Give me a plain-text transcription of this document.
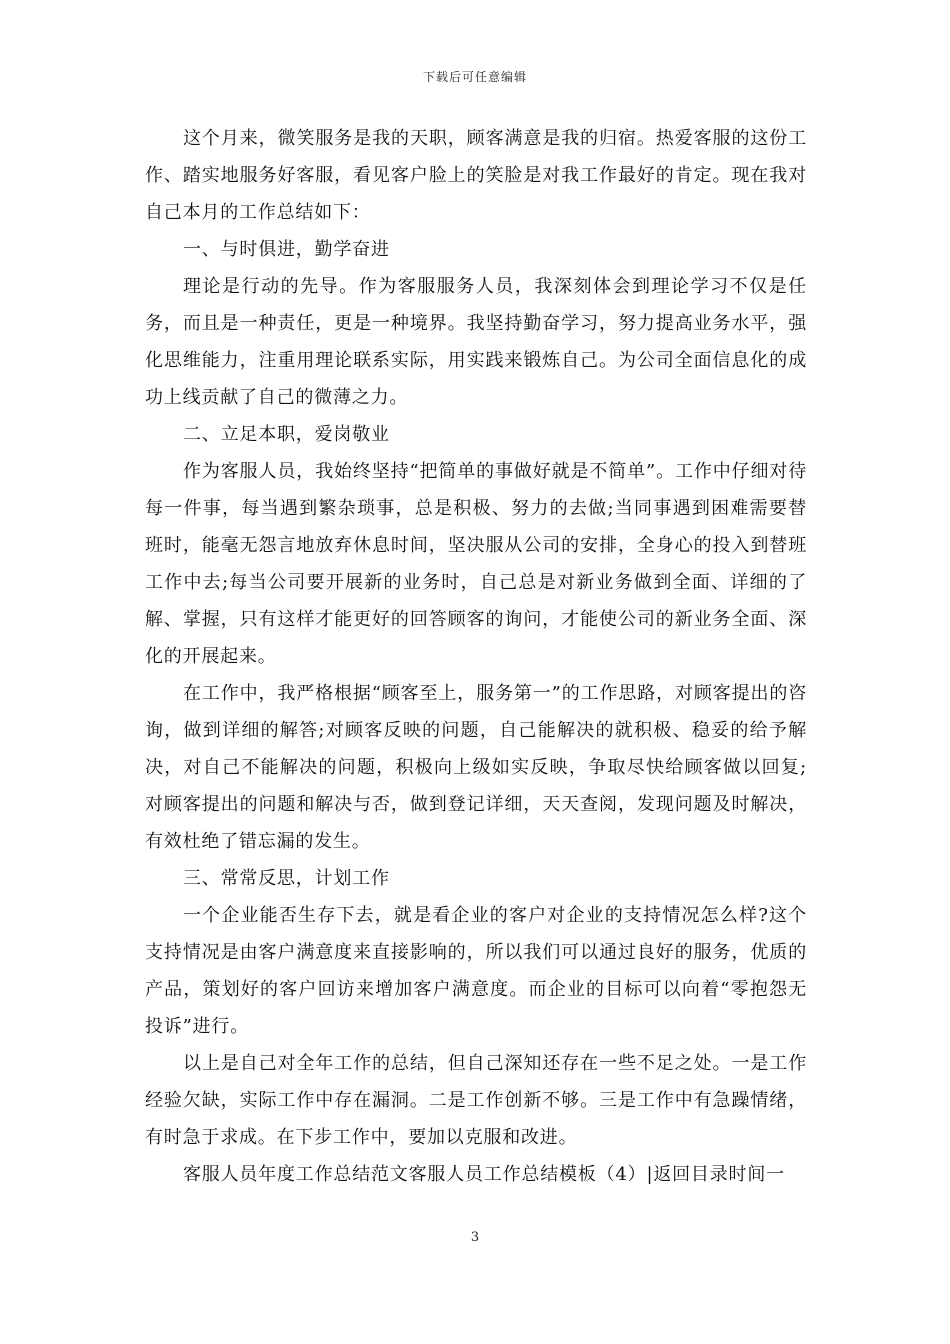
下载后可任意编辑

这个月来，微笑服务是我的天职，顾客满意是我的归宿。热爱客服的这份工作、踏实地服务好客服，看见客户脸上的笑脸是对我工作最好的肯定。现在我对自己本月的工作总结如下：

一、与时俱进，勤学奋进

理论是行动的先导。作为客服服务人员，我深刻体会到理论学习不仅是任务，而且是一种责任，更是一种境界。我坚持勤奋学习，努力提高业务水平，强化思维能力，注重用理论联系实际，用实践来锻炼自己。为公司全面信息化的成功上线贡献了自己的微薄之力。

二、立足本职，爱岗敬业

作为客服人员，我始终坚持“把简单的事做好就是不简单”。工作中仔细对待每一件事，每当遇到繁杂琐事，总是积极、努力的去做;当同事遇到困难需要替班时，能毫无怨言地放弃休息时间，坚决服从公司的安排，全身心的投入到替班工作中去;每当公司要开展新的业务时，自己总是对新业务做到全面、详细的了解、掌握，只有这样才能更好的回答顾客的询问，才能使公司的新业务全面、深化的开展起来。

在工作中，我严格根据“顾客至上，服务第一”的工作思路，对顾客提出的咨询，做到详细的解答;对顾客反映的问题，自己能解决的就积极、稳妥的给予解决，对自己不能解决的问题，积极向上级如实反映，争取尽快给顾客做以回复;对顾客提出的问题和解决与否，做到登记详细，天天查阅，发现问题及时解决，有效杜绝了错忘漏的发生。

三、常常反思，计划工作

一个企业能否生存下去，就是看企业的客户对企业的支持情况怎么样?这个支持情况是由客户满意度来直接影响的，所以我们可以通过良好的服务，优质的产品，策划好的客户回访来增加客户满意度。而企业的目标可以向着“零抱怨无投诉”进行。

以上是自己对全年工作的总结，但自己深知还存在一些不足之处。一是工作经验欠缺，实际工作中存在漏洞。二是工作创新不够。三是工作中有急躁情绪，有时急于求成。在下步工作中，要加以克服和改进。

客服人员年度工作总结范文客服人员工作总结模板（4）|返回目录时间一

3
